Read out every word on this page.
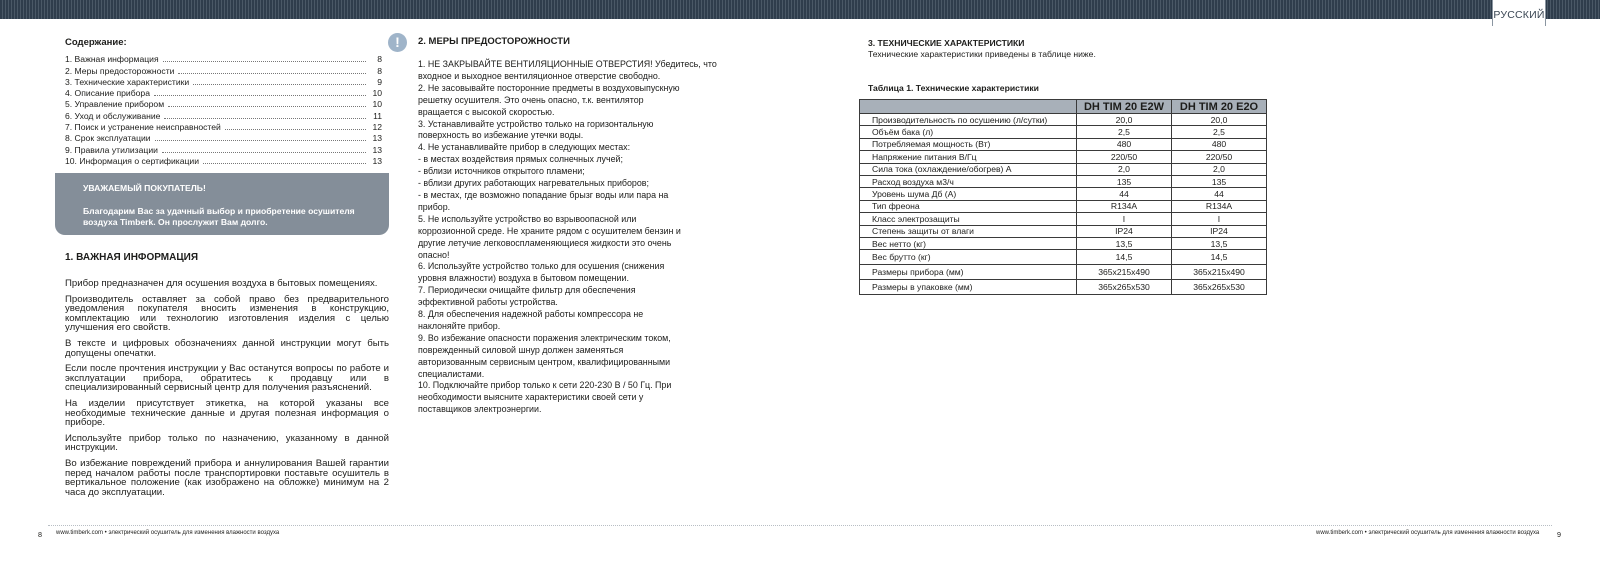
РУССКИЙ
Содержание:
1. Важная информация	8
2. Меры предосторожности	8
3. Технические характеристики	9
4. Описание прибора	10
5. Управление прибором	10
6. Уход и обслуживание	11
7. Поиск и устранение неисправностей	12
8. Срок эксплуатации	13
9. Правила утилизации	13
10. Информация о сертификации	13
УВАЖАЕМЫЙ ПОКУПАТЕЛЬ!
Благодарим Вас за удачный выбор и приобретение осушителя воздуха Timberk. Он прослужит Вам долго.
1. ВАЖНАЯ ИНФОРМАЦИЯ

Прибор предназначен для осушения воздуха в бытовых помещениях.

Производитель оставляет за собой право без предварительного уведомления покупателя вносить изменения в конструкцию, комплектацию или технологию изготовления изделия с целью улучшения его свойств.

В тексте и цифровых обозначениях данной инструкции могут быть допущены опечатки.

Если после прочтения инструкции у Вас останутся вопросы по работе и эксплуатации прибора, обратитесь к продавцу или в специализированный сервисный центр для получения разъяснений.

На изделии присутствует этикетка, на которой указаны все необходимые технические данные и другая полезная информация о приборе.

Используйте прибор только по назначению, указанному в данной инструкции.

Во избежание повреждений прибора и аннулирования Вашей гарантии перед началом работы после транспортировки поставьте осушитель в вертикальное положение (как изображено на обложке) минимум на 2 часа до эксплуатации.

!	2. МЕРЫ ПРЕДОСТОРОЖНОСТИ
1. НЕ ЗАКРЫВАЙТЕ ВЕНТИЛЯЦИОННЫЕ ОТВЕРСТИЯ! Убедитесь, что
входное и выходное вентиляционное отверстие свободно.
2. Не засовывайте посторонние предметы в воздуховыпускную
решетку осушителя. Это очень опасно, т.к. вентилятор
вращается с высокой скоростью.
3. Устанавливайте устройство только на горизонтальную
поверхность во избежание утечки воды.
4. Не устанавливайте прибор в следующих местах:
- в местах воздействия прямых солнечных лучей;
- вблизи источников открытого пламени;
- вблизи других работающих нагревательных приборов;
- в местах, где возможно попадание брызг воды или пара на
прибор.
5. Не используйте устройство во взрывоопасной или
коррозионной среде. Не храните рядом с осушителем бензин и
другие летучие легковоспламеняющиеся жидкости это очень
опасно!
6. Используйте устройство только для осушения (снижения
уровня влажности) воздуха в бытовом помещении.
7. Периодически очищайте фильтр для обеспечения
эффективной работы устройства.
8. Для обеспечения надежной работы компрессора не
наклоняйте прибор.
9. Во избежание опасности поражения электрическим током,
поврежденный силовой шнур должен заменяться
авторизованным сервисным центром, квалифицированными
специалистами.
10. Подключайте прибор только к сети 220-230 В / 50 Гц. При
необходимости выясните характеристики своей сети у
поставщиков электроэнергии.
3. ТЕХНИЧЕСКИЕ ХАРАКТЕРИСТИКИ
Технические характеристики приведены в таблице ниже.
Таблица 1. Технические характеристики
	DH TIM 20 E2W	DH TIM 20 E2O
Производительность по осушению (л/сутки)	20,0	20,0
Объём бака (л)	2,5	2,5
Потребляемая мощность (Вт)	480	480
Напряжение питания В/Гц	220/50	220/50
Сила тока (охлаждение/обогрев) А	2,0	2,0
Расход воздуха м3/ч	135	135
Уровень шума Дб (А)	44	44
Тип фреона	R134A	R134A
Класс электрозащиты	I	I
Степень защиты от влаги	IP24	IP24
Вес нетто (кг)	13,5	13,5
Вес брутто (кг)	14,5	14,5
Размеры прибора (мм)	365x215x490	365x215x490
Размеры в упаковке (мм)	365x265x530	365x265x530
8 www.timberk.com • электрический осушитель для изменения влажности воздуха	www.timberk.com • электрический осушитель для изменения влажности воздуха 9
